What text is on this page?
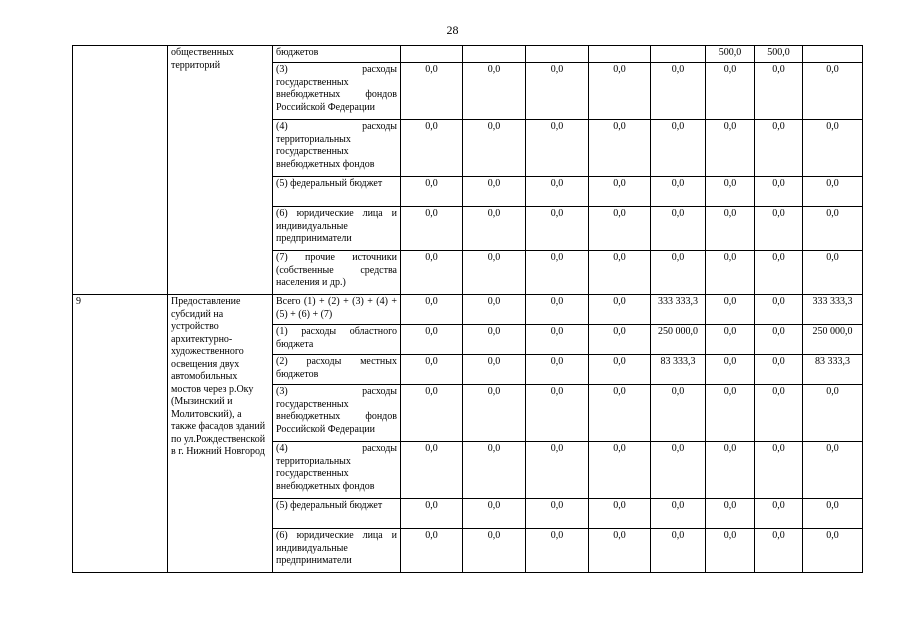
28
	общественных территорий	бюджетов						500,0	500,0	
		(3) расходы государственных внебюджетных фондов Российской Федерации	0,0	0,0	0,0	0,0	0,0	0,0	0,0	0,0
		(4) расходы территориальных государственных внебюджетных фондов	0,0	0,0	0,0	0,0	0,0	0,0	0,0	0,0
		(5) федеральный бюджет	0,0	0,0	0,0	0,0	0,0	0,0	0,0	0,0
		(6) юридические лица и индивидуальные предприниматели	0,0	0,0	0,0	0,0	0,0	0,0	0,0	0,0
		(7) прочие источники (собственные средства населения и др.)	0,0	0,0	0,0	0,0	0,0	0,0	0,0	0,0
9	Предоставление субсидий на устройство архитектурно-художественного освещения двух автомобильных мостов через р.Оку (Мызинский и Молитовский), а также фасадов зданий по ул.Рождественской в г. Нижний Новгород	Всего (1) + (2) + (3) + (4) + (5) + (6) + (7)	0,0	0,0	0,0	0,0	333 333,3	0,0	0,0	333 333,3
		(1) расходы областного бюджета	0,0	0,0	0,0	0,0	250 000,0	0,0	0,0	250 000,0
		(2) расходы местных бюджетов	0,0	0,0	0,0	0,0	83 333,3	0,0	0,0	83 333,3
		(3) расходы государственных внебюджетных фондов Российской Федерации	0,0	0,0	0,0	0,0	0,0	0,0	0,0	0,0
		(4) расходы территориальных государственных внебюджетных фондов	0,0	0,0	0,0	0,0	0,0	0,0	0,0	0,0
		(5) федеральный бюджет	0,0	0,0	0,0	0,0	0,0	0,0	0,0	0,0
		(6) юридические лица и индивидуальные предприниматели	0,0	0,0	0,0	0,0	0,0	0,0	0,0	0,0
